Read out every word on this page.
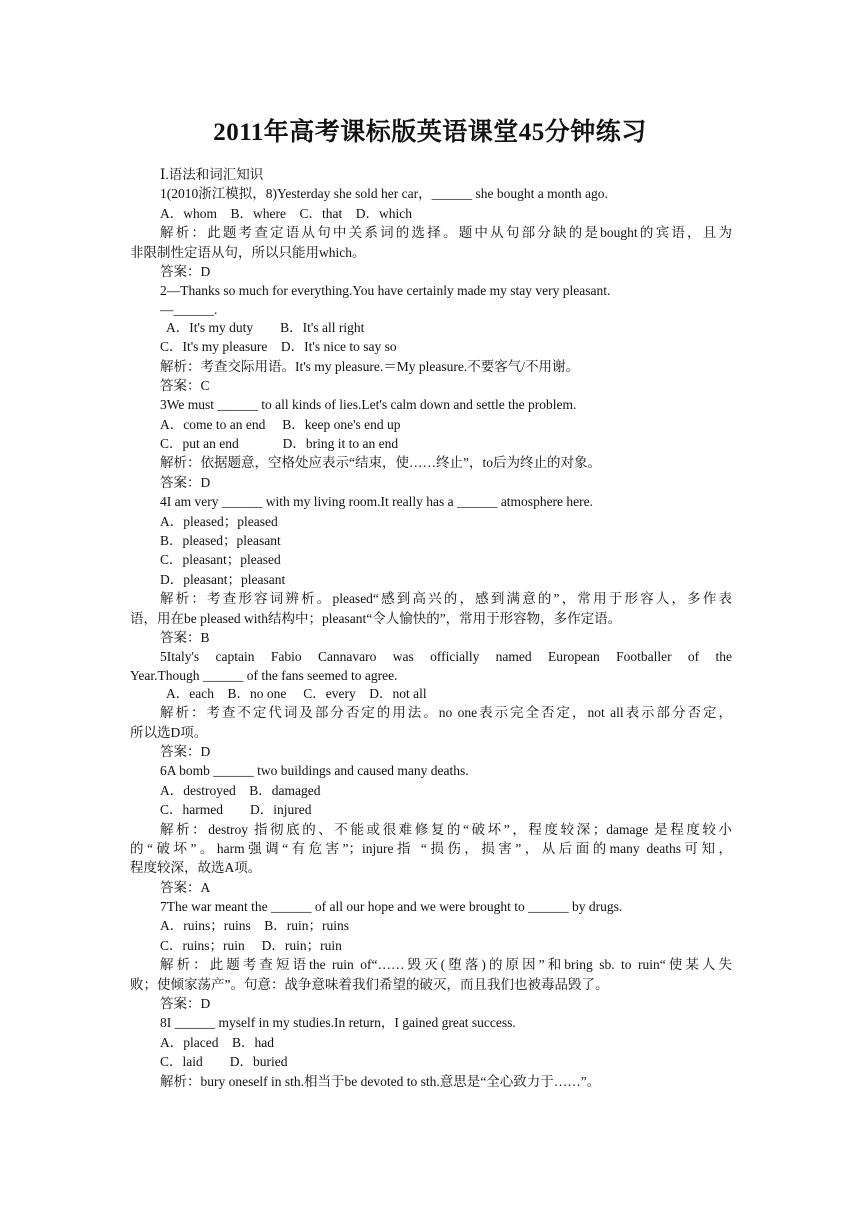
2011年高考课标版英语课堂45分钟练习
Ⅰ.语法和词汇知识
1(2010浙江模拟，8)Yesterday she sold her car，______ she bought a month ago.
A．whom　B．where　C．that　D．which
解析：此题考查定语从句中关系词的选择。题中从句部分缺的是bought的宾语，且为
非限制性定语从句，所以只能用which。
答案：D
2—Thanks so much for everything.You have certainly made my stay very pleasant.
—______.
A．It's my duty　　B．It's all right
C．It's my pleasure　D．It's nice to say so
解析：考查交际用语。It's my pleasure.＝My pleasure.不要客气/不用谢。
答案：C
3We must ______ to all kinds of lies.Let's calm down and settle the problem.
A．come to an end　 B．keep one's end up
C．put an end　　　 D．bring it to an end
解析：依据题意，空格处应表示“结束，使……终止”，to后为终止的对象。
答案：D
4I am very ______ with my living room.It really has a ______ atmosphere here.
A．pleased；pleased
B．pleased；pleasant
C．pleasant；pleased
D．pleasant；pleasant
解析：考查形容词辨析。pleased“感到高兴的，感到满意的”，常用于形容人，多作表
语，用在be pleased with结构中；pleasant“令人愉快的”，常用于形容物，多作定语。
答案：B
5Italy's captain Fabio Cannavaro was officially named European Footballer of the
Year.Though ______ of the fans seemed to agree.
A．each　B．no one　 C．every　D．not all
解析：考查不定代词及部分否定的用法。no one表示完全否定，not all表示部分否定，
所以选D项。
答案：D
6A bomb ______ two buildings and caused many deaths.
A．destroyed　B．damaged
C．harmed　　D．injured
解析：destroy 指彻底的、不能或很难修复的“破坏”，程度较深；damage 是程度较小
的“破坏”。harm强调“有危害”；injure指 “损伤，损害”，从后面的many deaths可知，
程度较深，故选A项。
答案：A
7The war meant the ______ of all our hope and we were brought to ______ by drugs.
A．ruins；ruins　B．ruin；ruins
C．ruins；ruin　 D．ruin；ruin
解析：此题考查短语the ruin of“……毁灭(堕落)的原因”和bring sb. to ruin“使某人失
败；使倾家荡产”。句意：战争意味着我们希望的破灭，而且我们也被毒品毁了。
答案：D
8I ______ myself in my studies.In return，I gained great success.
A．placed　B．had
C．laid　　D．buried
解析：bury oneself in sth.相当于be devoted to sth.意思是“全心致力于……”。
